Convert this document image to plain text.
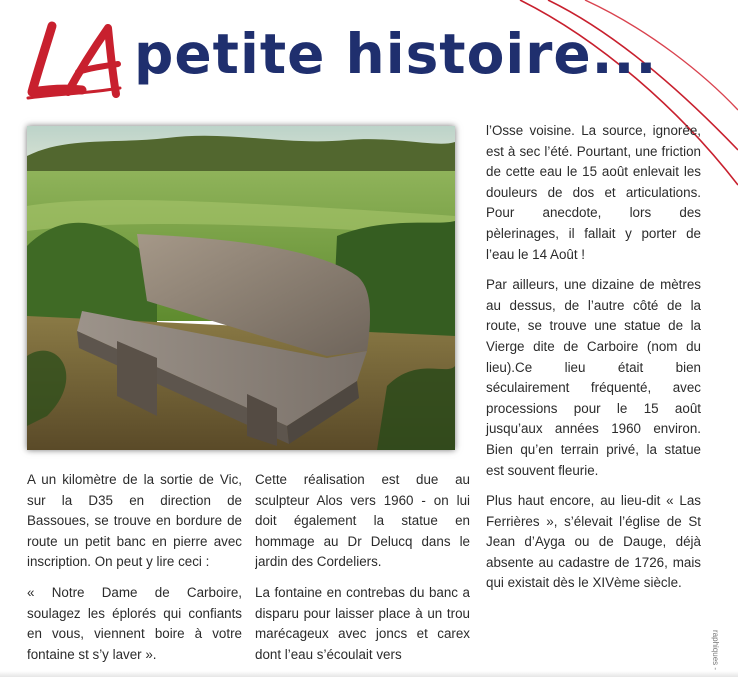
petite histoire...

A un kilomètre de la sortie de Vic, sur la D35 en direction de Bassoues, se trouve en bordure de route un petit banc en pierre avec inscription. On peut y lire ceci :

« Notre Dame de Carboire, soulagez les éplorés qui confiants en vous, viennent boire à votre fontaine st s’y laver ».

Cette réalisation est due au sculpteur Alos vers 1960 - on lui doit également la statue en hommage au Dr Delucq dans le jardin des Cordeliers.

La fontaine en contrebas du banc a disparu pour laisser place à un trou marécageux avec joncs et carex dont l’eau s’écoulait vers

l’Osse voisine. La source, ignorée, est à sec l’été. Pourtant, une friction de cette eau le 15 août enlevait les douleurs de dos et articulations. Pour anecdote, lors des pèlerinages, il fallait y porter de l’eau le 14 Août !

Par ailleurs, une dizaine de mètres au dessus, de l’autre côté de la route, se trouve une statue de la Vierge dite de Carboire (nom du lieu).Ce lieu était bien séculairement fréquenté, avec processions pour le 15 août jusqu’aux années 1960 environ. Bien qu’en terrain privé, la statue est souvent fleurie.

Plus haut encore, au lieu-dit « Las Ferrières », s’élevait l’église de St Jean d’Ayga ou de Dauge, déjà absente au cadastre de 1726, mais qui existait dès le XIVème siècle.

raphiques -
